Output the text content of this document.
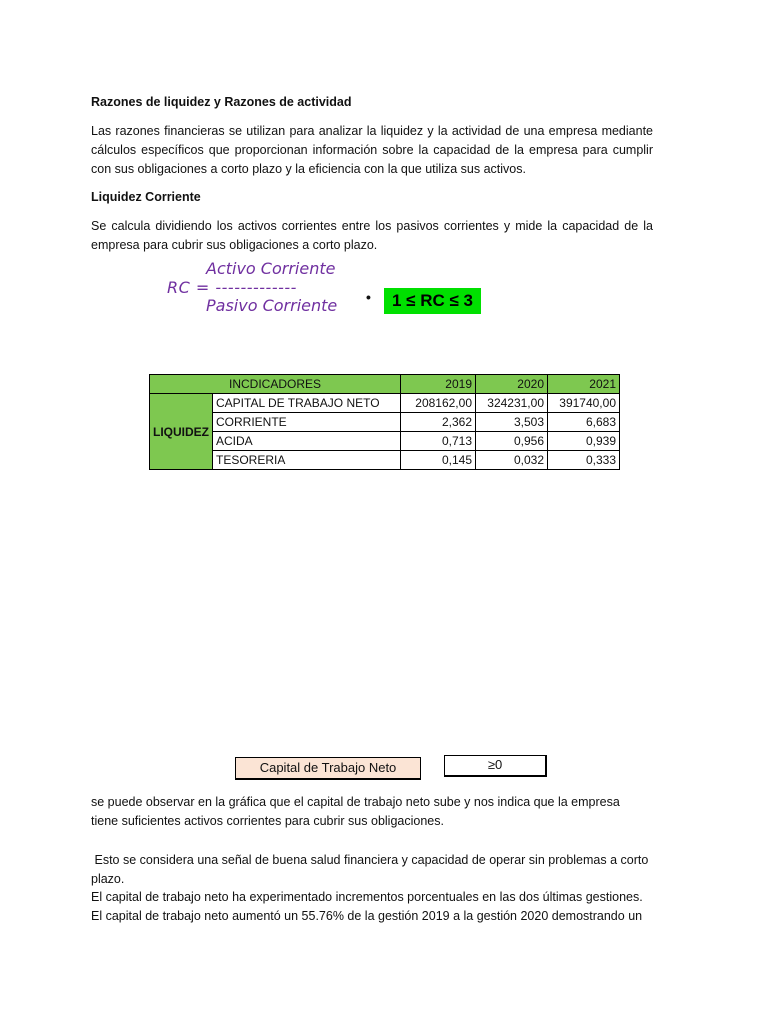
Razones de liquidez y Razones de actividad
Las razones financieras se utilizan para analizar la liquidez y la actividad de una empresa mediante cálculos específicos que proporcionan información sobre la capacidad de la empresa para cumplir con sus obligaciones a corto plazo y la eficiencia con la que utiliza sus activos.
Liquidez Corriente
Se calcula dividiendo los activos corrientes entre los pasivos corrientes y mide la capacidad de la empresa para cubrir sus obligaciones a corto plazo.
Activo Corriente
RC = -------------
Pasivo Corriente •	1 ≤ RC ≤ 3
INCDICADORES		2019	2020	2021
LIQUIDEZ	CAPITAL DE TRABAJO NETO	208162,00	324231,00	391740,00
	CORRIENTE	2,362	3,503	6,683
	ACIDA	0,713	0,956	0,939
	TESORERIA	0,145	0,032	0,333
Capital de Trabajo Neto	≥0
se puede observar en la gráfica que el capital de trabajo neto sube y nos indica que la empresa tiene suficientes activos corrientes para cubrir sus obligaciones.
Esto se considera una señal de buena salud financiera y capacidad de operar sin problemas a corto plazo.
El capital de trabajo neto ha experimentado incrementos porcentuales en las dos últimas gestiones.
El capital de trabajo neto aumentó un 55.76% de la gestión 2019 a la gestión 2020 demostrando un
